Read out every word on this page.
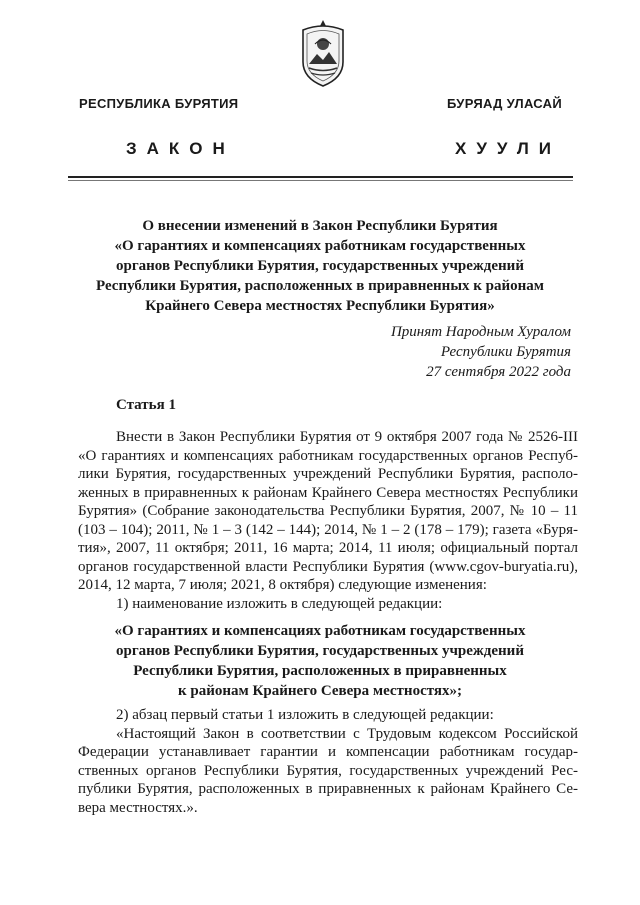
РЕСПУБЛИКА БУРЯТИЯ	БУРЯАД УЛАСАЙ
ЗАКОН	ХУУЛИ
О внесении изменений в Закон Республики Бурятия
«О гарантиях и компенсациях работникам государственных
органов Республики Бурятия, государственных учреждений
Республики Бурятия, расположенных в приравненных к районам
Крайнего Севера местностях Республики Бурятия»
Принят Народным Хуралом
Республики Бурятия
27 сентября 2022 года
Статья 1
Внести в Закон Республики Бурятия от 9 октября 2007 года № 2526-III
«О гарантиях и компенсациях работникам государственных органов Респуб-
лики Бурятия, государственных учреждений Республики Бурятия, располо-
женных в приравненных к районам Крайнего Севера местностях Республики
Бурятия» (Собрание законодательства Республики Бурятия, 2007, № 10 – 11
(103 – 104); 2011, № 1 – 3 (142 – 144); 2014, № 1 – 2 (178 – 179); газета «Буря-
тия», 2007, 11 октября; 2011, 16 марта; 2014, 11 июля; официальный портал
органов государственной власти Республики Бурятия (www.cgov-buryatia.ru),
2014, 12 марта, 7 июля; 2021, 8 октября) следующие изменения:
1) наименование изложить в следующей редакции:
«О гарантиях и компенсациях работникам государственных
органов Республики Бурятия, государственных учреждений
Республики Бурятия, расположенных в приравненных
к районам Крайнего Севера местностях»;
2) абзац первый статьи 1 изложить в следующей редакции:
«Настоящий Закон в соответствии с Трудовым кодексом Российской
Федерации устанавливает гарантии и компенсации работникам государ-
ственных органов Республики Бурятия, государственных учреждений Рес-
публики Бурятия, расположенных в приравненных к районам Крайнего Се-
вера местностях.».
